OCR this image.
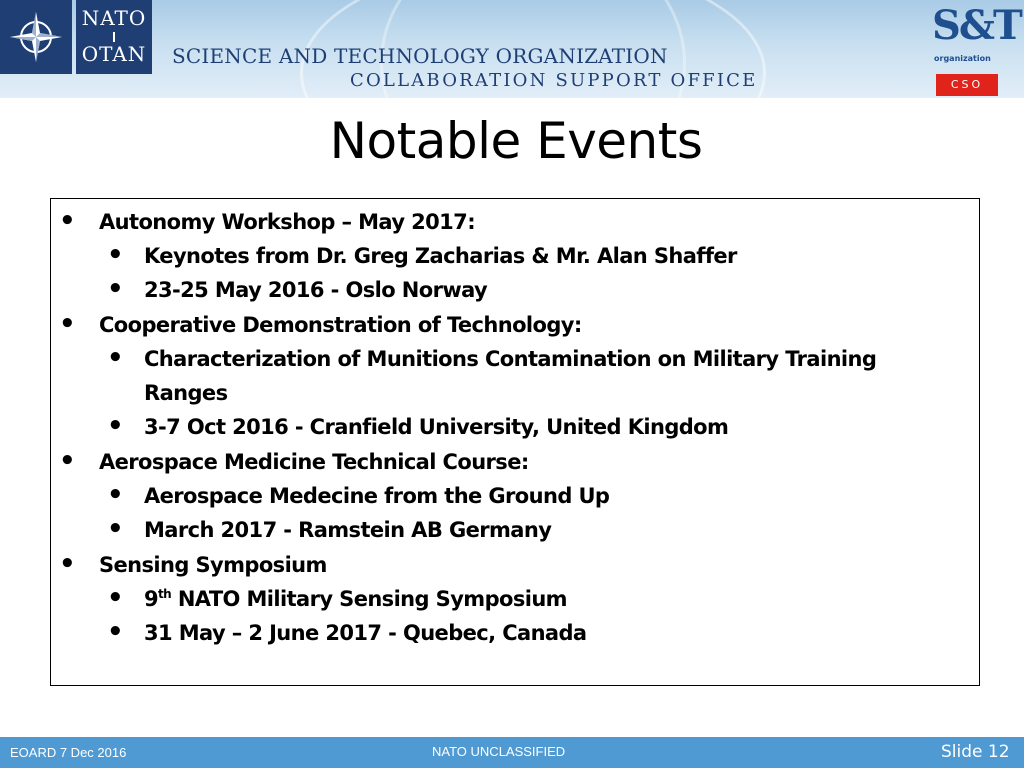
NATO
OTAN SCIENCE AND TECHNOLOGY ORGANIZATION
COLLABORATION SUPPORT OFFICE
S&T
organization
CSO
Notable Events
• Autonomy Workshop – May 2017:
• Keynotes from Dr. Greg Zacharias & Mr. Alan Shaffer
• 23-25 May 2016 - Oslo Norway
• Cooperative Demonstration of Technology:
• Characterization of Munitions Contamination on Military Training
Ranges
• 3-7 Oct 2016 - Cranfield University, United Kingdom
• Aerospace Medicine Technical Course:
• Aerospace Medecine from the Ground Up
• March 2017 - Ramstein AB Germany
• Sensing Symposium
• 9th NATO Military Sensing Symposium
• 31 May – 2 June 2017 - Quebec, Canada
EOARD 7 Dec 2016	NATO UNCLASSIFIED	Slide 12
